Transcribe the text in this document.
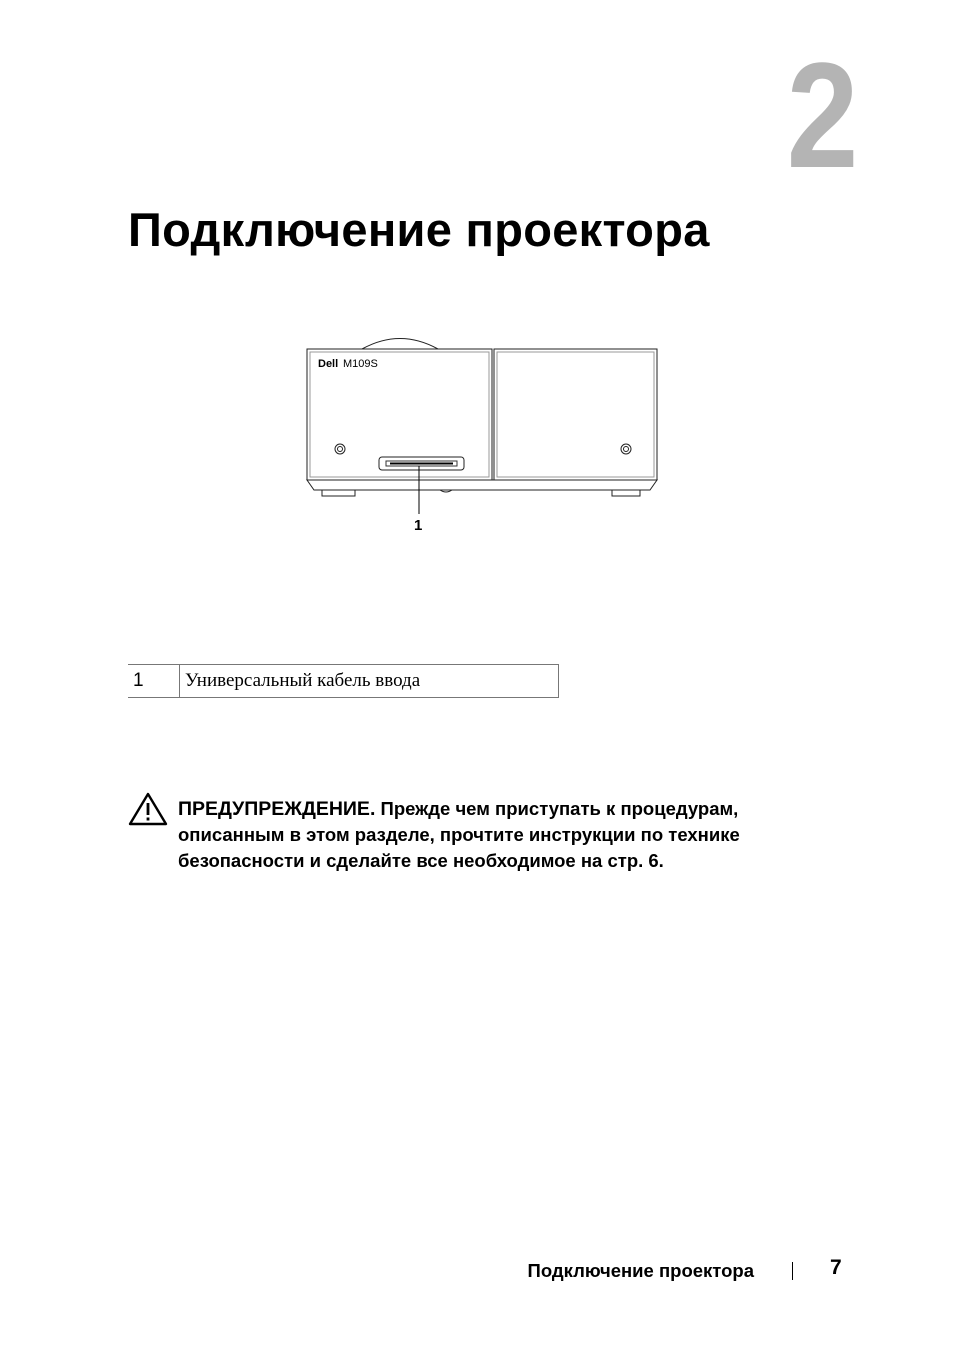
2
Подключение проектора
Dell M109S
1
1	Универсальный кабель ввода
ПРЕДУПРЕЖДЕНИЕ. Прежде чем приступать к процедурам, описанным в этом разделе, прочтите инструкции по технике безопасности и сделайте все необходимое на стр. 6.
Подключение проектора	7
